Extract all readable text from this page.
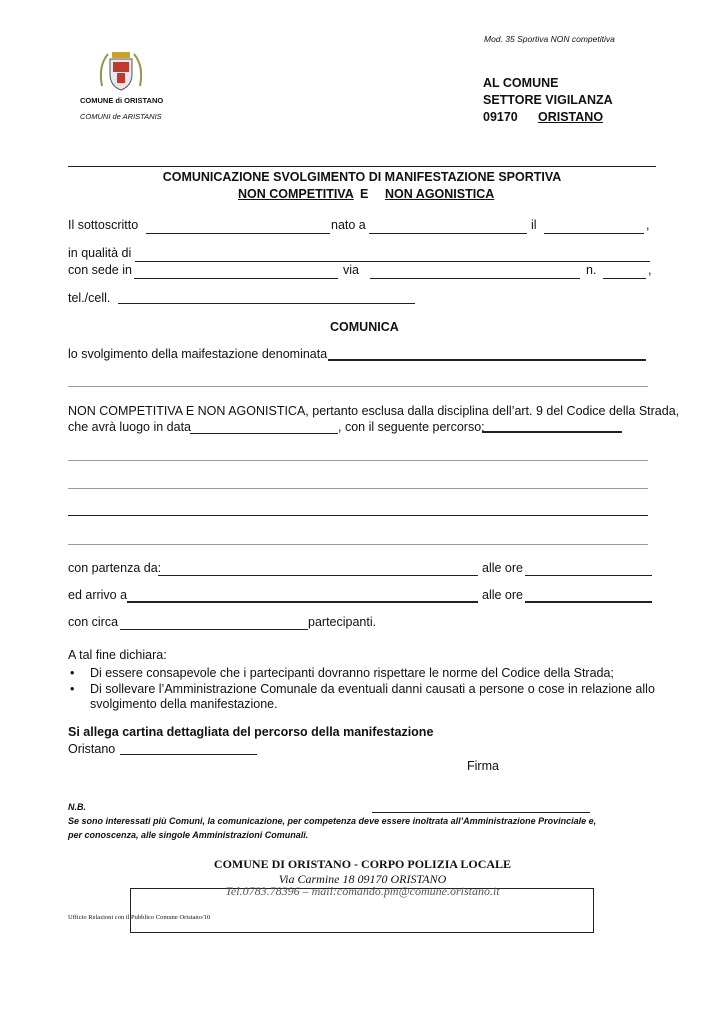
Mod. 35 Sportiva NON competitiva
COMUNE di ORISTANO
COMUNI de ARISTANIS
AL COMUNE
SETTORE VIGILANZA
09170 ORISTANO
COMUNICAZIONE SVOLGIMENTO DI MANIFESTAZIONE SPORTIVA
NON COMPETITIVA E NON AGONISTICA
Il sottoscritto	nato a	il	,
in qualità di
con sede in	via	n.	,
tel./cell.
COMUNICA
lo svolgimento della maifestazione denominata
NON COMPETITIVA E NON AGONISTICA, pertanto esclusa dalla disciplina dell’art. 9 del Codice della Strada,
che avrà luogo in data	, con il seguente percorso:
con partenza da:	alle ore
ed arrivo a	alle ore
con circa	partecipanti.
A tal fine dichiara:
• Di essere consapevole che i partecipanti dovranno rispettare le norme del Codice della Strada;
• Di sollevare l’Amministrazione Comunale da eventuali danni causati a persone o cose in relazione allo
svolgimento della manifestazione.
Si allega cartina dettagliata del percorso della manifestazione
Oristano
Firma
N.B.
Se sono interessati più Comuni, la comunicazione, per competenza deve essere inoltrata all’Amministrazione Provinciale e,
per conoscenza, alle singole Amministrazioni Comunali.
COMUNE DI ORISTANO - CORPO POLIZIA LOCALE
Via Carmine 18 09170 ORISTANO
Tel.0783.78396 – mail:comando.pm@comune.oristano.it
Ufficio Relazioni con il Pubblico Comune Oristano/10
